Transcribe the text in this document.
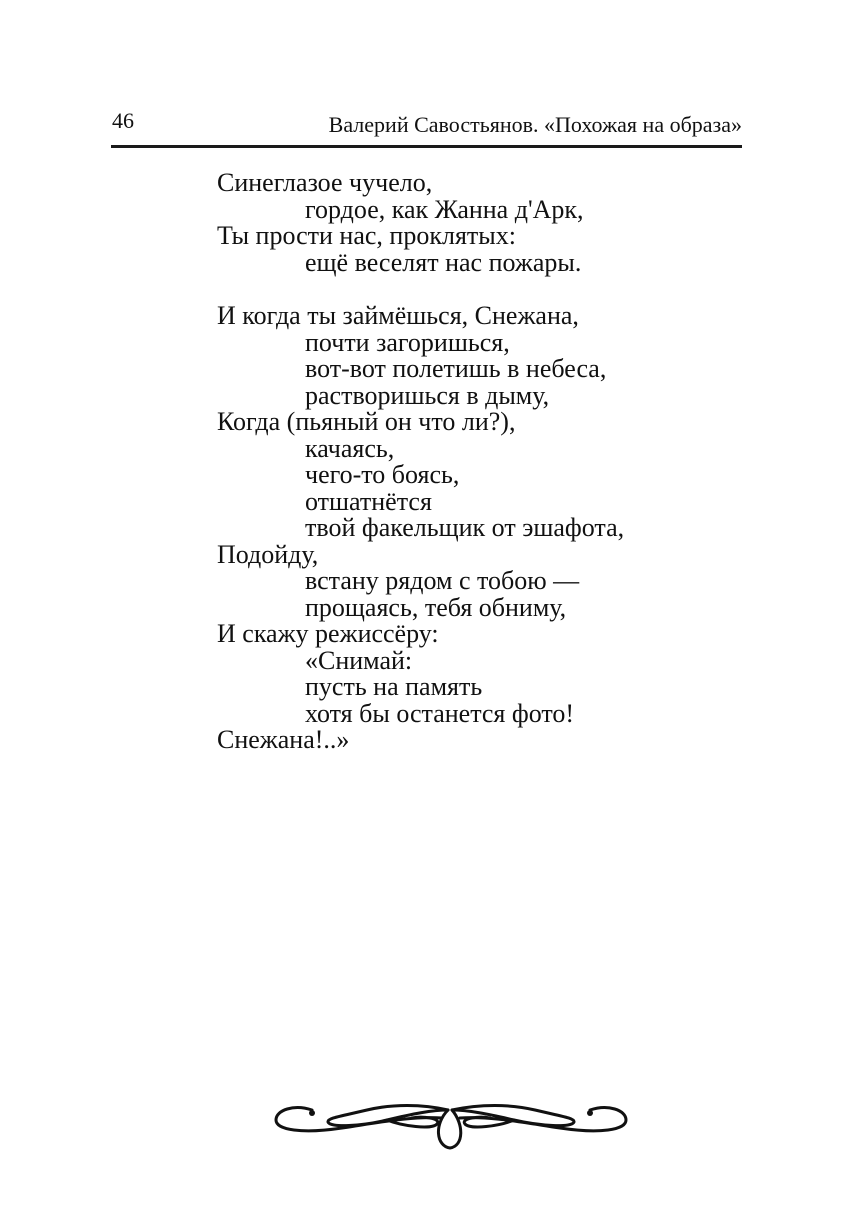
46	Валерий Савостьянов. «Похожая на образа»
Синеглазое чучело,
гордое, как Жанна д'Арк,
Ты прости нас, проклятых:
ещё веселят нас пожары.
И когда ты займёшься, Снежана,
почти загоришься,
вот-вот полетишь в небеса,
растворишься в дыму,
Когда (пьяный он что ли?),
качаясь,
чего-то боясь,
отшатнётся
твой факельщик от эшафота,
Подойду,
встану рядом с тобою —
прощаясь, тебя обниму,
И скажу режиссёру:
«Снимай:
пусть на память
хотя бы останется фото!
Снежана!..»
